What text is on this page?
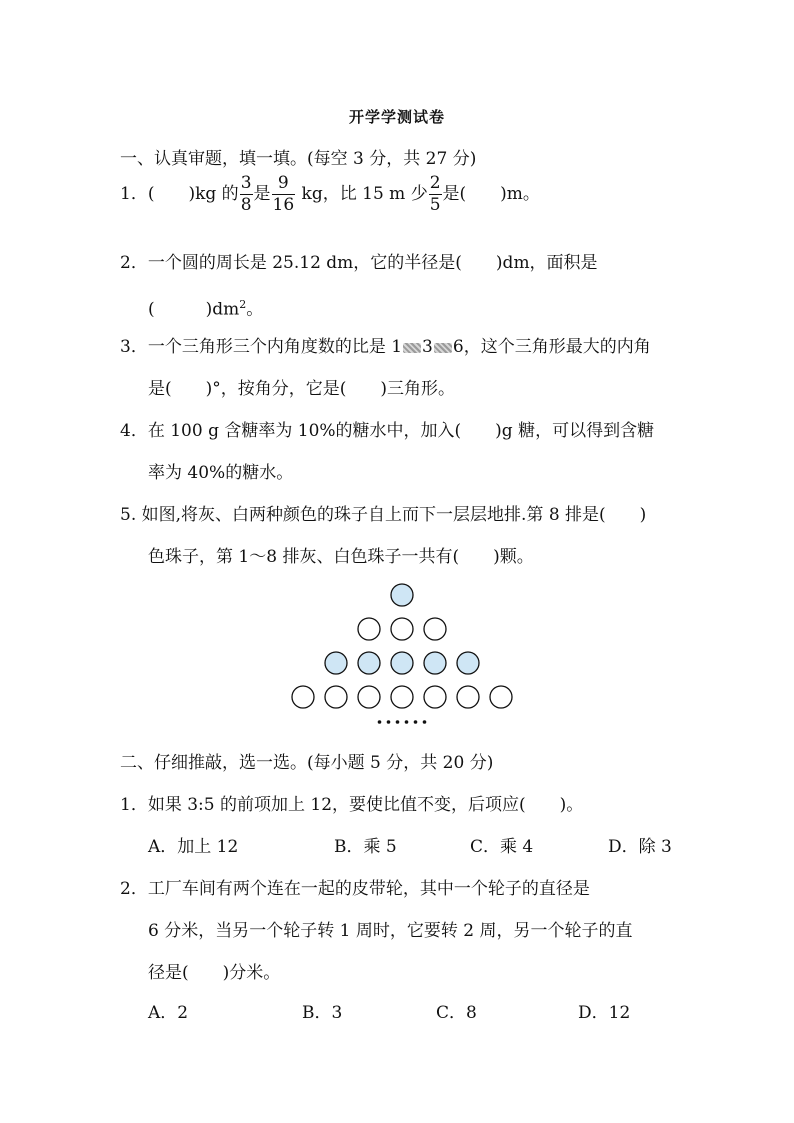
开学学测试卷
一、认真审题，填一填。(每空 3 分，共 27 分)
1．(　　)kg 的 $\frac{3}{8}$ 是 $\frac{9}{16}$ kg，比 15 m 少 $\frac{2}{5}$ 是(　　)m。
2．一个圆的周长是 25.12 dm，它的半径是(　　)dm，面积是
(　　　)$dm^2$。
3．一个三角形三个内角度数的比是 1 3 6，这个三角形最大的内角
是(　　)°，按角分，它是(　　)三角形。
4．在 100 g 含糖率为 10%的糖水中，加入(　　)g 糖，可以得到含糖
率为 40%的糖水。
5. 如图,将灰、白两种颜色的珠子自上而下一层层地排.第 8 排是(　　)
色珠子，第 1～8 排灰、白色珠子一共有(　　)颗。
二、仔细推敲，选一选。(每小题 5 分，共 20 分)
1．如果 3:5 的前项加上 12，要使比值不变，后项应(　　)。
A．加上 12	B．乘 5	C．乘 4	D．除 3
2．工厂车间有两个连在一起的皮带轮，其中一个轮子的直径是
6 分米，当另一个轮子转 1 周时，它要转 2 周，另一个轮子的直
径是(　　)分米。
A．2	B．3	C．8	D．12
